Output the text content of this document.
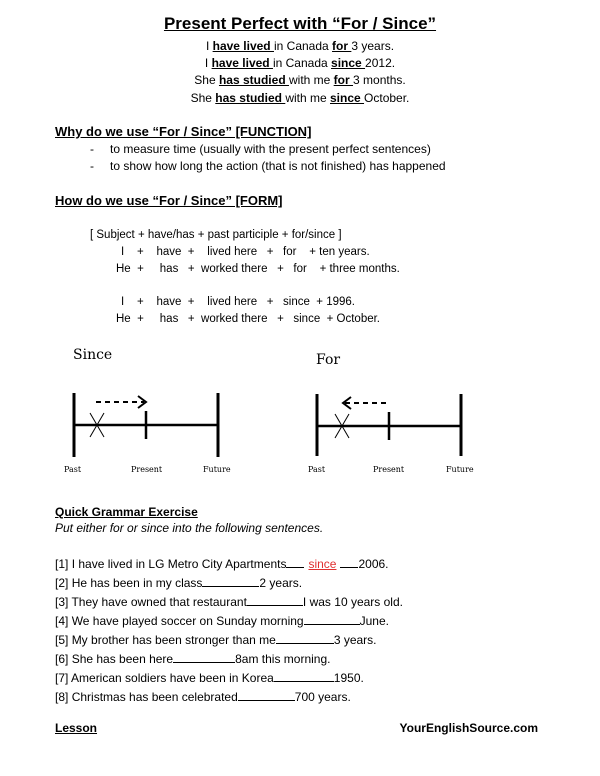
Present Perfect with “For / Since”
I have lived in Canada for 3 years.
I have lived in Canada since 2012.
She has studied with me for 3 months.
She has studied with me since October.
Why do we use “For / Since” [FUNCTION]
- to measure time (usually with the present perfect sentences)
- to show how long the action (that is not finished) has happened
How do we use “For / Since” [FORM]
[ Subject + have/has + past participle + for/since ]
I    +    have  +    lived here   +   for    + ten years.
He  +     has   +  worked there   +   for    + three months.
I    +    have  +    lived here   +   since  + 1996.
He  +     has   +  worked there   +   since  + October.
Since
Past	Present	Future
For
Past	Present	Future
Quick Grammar Exercise
Put either for or since into the following sentences.
[1] I have lived in LG Metro City Apartments since 2006.
[2] He has been in my class	2 years.
[3] They have owned that restaurant	I was 10 years old.
[4] We have played soccer on Sunday morning	June.
[5] My brother has been stronger than me	3 years.
[6] She has been here	8am this morning.
[7] American soldiers have been in Korea	1950.
[8] Christmas has been celebrated	700 years.
Lesson	YourEnglishSource.com
